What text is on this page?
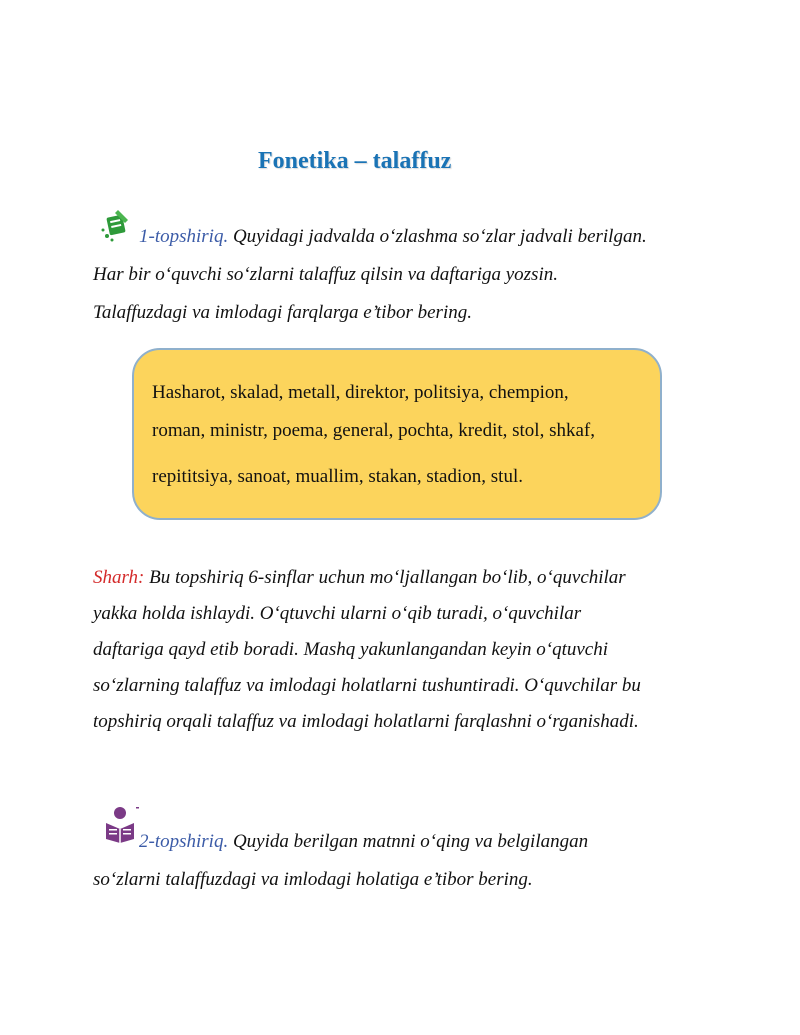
Fonetika – talaffuz
1-topshiriq. Quyidagi jadvalda o‘zlashma so‘zlar jadvali berilgan.
Har bir o‘quvchi so‘zlarni talaffuz qilsin va daftariga yozsin.
Talaffuzdagi va imlodagi farqlarga e’tibor bering.
Hasharot, skalad, metall, direktor, politsiya, chempion,
roman, ministr, poema, general, pochta, kredit, stol, shkaf,
repititsiya, sanoat, muallim, stakan, stadion, stul.
Sharh: Bu topshiriq 6-sinflar uchun mo‘ljallangan bo‘lib, o‘quvchilar
yakka holda ishlaydi. O‘qtuvchi ularni o‘qib turadi, o‘quvchilar
daftariga qayd etib boradi. Mashq yakunlangandan keyin o‘qtuvchi
so‘zlarning talaffuz va imlodagi holatlarni tushuntiradi. O‘quvchilar bu
topshiriq orqali talaffuz va imlodagi holatlarni farqlashni o‘rganishadi.
2-topshiriq. Quyida berilgan matnni o‘qing va belgilangan
so‘zlarni talaffuzdagi va imlodagi holatiga e’tibor bering.
